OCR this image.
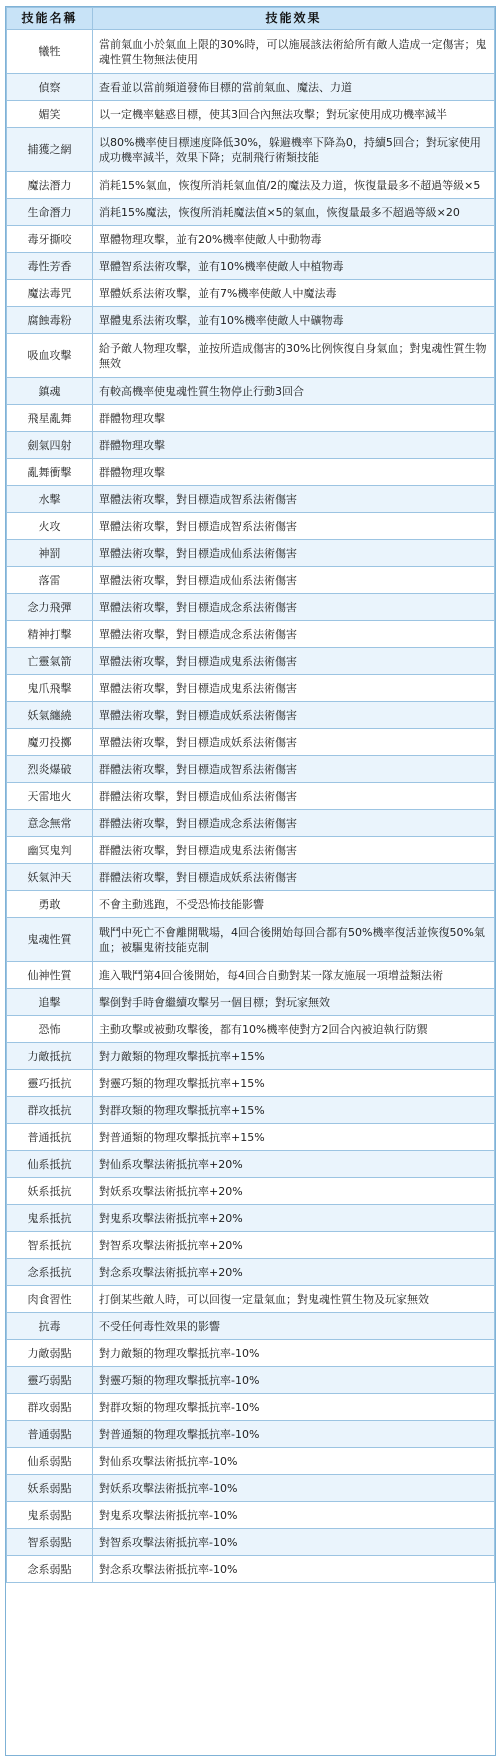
技能名稱	技能效果
犧牲	當前氣血小於氣血上限的30%時，可以施展該法術給所有敵人造成一定傷害；鬼魂性質生物無法使用
偵察	查看並以當前頻道發佈目標的當前氣血、魔法、力道
媚笑	以一定機率魅惑目標，使其3回合內無法攻擊；對玩家使用成功機率減半
捕獲之網	以80%機率使目標速度降低30%，躲避機率下降為0，持續5回合；對玩家使用成功機率減半，效果下降；克制飛行術類技能
魔法潛力	消耗15%氣血，恢復所消耗氣血值/2的魔法及力道，恢復量最多不超過等級×5
生命潛力	消耗15%魔法，恢復所消耗魔法值×5的氣血，恢復量最多不超過等級×20
毒牙撕咬	單體物理攻擊，並有20%機率使敵人中動物毒
毒性芳香	單體智系法術攻擊，並有10%機率使敵人中植物毒
魔法毒咒	單體妖系法術攻擊，並有7%機率使敵人中魔法毒
腐蝕毒粉	單體鬼系法術攻擊，並有10%機率使敵人中礦物毒
吸血攻擊	給予敵人物理攻擊，並按所造成傷害的30%比例恢復自身氣血；對鬼魂性質生物無效
鎮魂	有較高機率使鬼魂性質生物停止行動3回合
飛星亂舞	群體物理攻擊
劍氣四射	群體物理攻擊
亂舞衝擊	群體物理攻擊
水擊	單體法術攻擊，對目標造成智系法術傷害
火攻	單體法術攻擊，對目標造成智系法術傷害
神罰	單體法術攻擊，對目標造成仙系法術傷害
落雷	單體法術攻擊，對目標造成仙系法術傷害
念力飛彈	單體法術攻擊，對目標造成念系法術傷害
精神打擊	單體法術攻擊，對目標造成念系法術傷害
亡靈氣箭	單體法術攻擊，對目標造成鬼系法術傷害
鬼爪飛擊	單體法術攻擊，對目標造成鬼系法術傷害
妖氣纏繞	單體法術攻擊，對目標造成妖系法術傷害
魔刃投擲	單體法術攻擊，對目標造成妖系法術傷害
烈炎爆破	群體法術攻擊，對目標造成智系法術傷害
天雷地火	群體法術攻擊，對目標造成仙系法術傷害
意念無常	群體法術攻擊，對目標造成念系法術傷害
幽冥鬼判	群體法術攻擊，對目標造成鬼系法術傷害
妖氣沖天	群體法術攻擊，對目標造成妖系法術傷害
勇敢	不會主動逃跑，不受恐怖技能影響
鬼魂性質	戰鬥中死亡不會離開戰場，4回合後開始每回合都有50%機率復活並恢復50%氣血；被驅鬼術技能克制
仙神性質	進入戰鬥第4回合後開始，每4回合自動對某一隊友施展一項增益類法術
追擊	擊倒對手時會繼續攻擊另一個目標；對玩家無效
恐怖	主動攻擊或被動攻擊後，都有10%機率使對方2回合內被迫執行防禦
力敵抵抗	對力敵類的物理攻擊抵抗率+15%
靈巧抵抗	對靈巧類的物理攻擊抵抗率+15%
群攻抵抗	對群攻類的物理攻擊抵抗率+15%
普通抵抗	對普通類的物理攻擊抵抗率+15%
仙系抵抗	對仙系攻擊法術抵抗率+20%
妖系抵抗	對妖系攻擊法術抵抗率+20%
鬼系抵抗	對鬼系攻擊法術抵抗率+20%
智系抵抗	對智系攻擊法術抵抗率+20%
念系抵抗	對念系攻擊法術抵抗率+20%
肉食習性	打倒某些敵人時，可以回復一定量氣血；對鬼魂性質生物及玩家無效
抗毒	不受任何毒性效果的影響
力敵弱點	對力敵類的物理攻擊抵抗率-10%
靈巧弱點	對靈巧類的物理攻擊抵抗率-10%
群攻弱點	對群攻類的物理攻擊抵抗率-10%
普通弱點	對普通類的物理攻擊抵抗率-10%
仙系弱點	對仙系攻擊法術抵抗率-10%
妖系弱點	對妖系攻擊法術抵抗率-10%
鬼系弱點	對鬼系攻擊法術抵抗率-10%
智系弱點	對智系攻擊法術抵抗率-10%
念系弱點	對念系攻擊法術抵抗率-10%
